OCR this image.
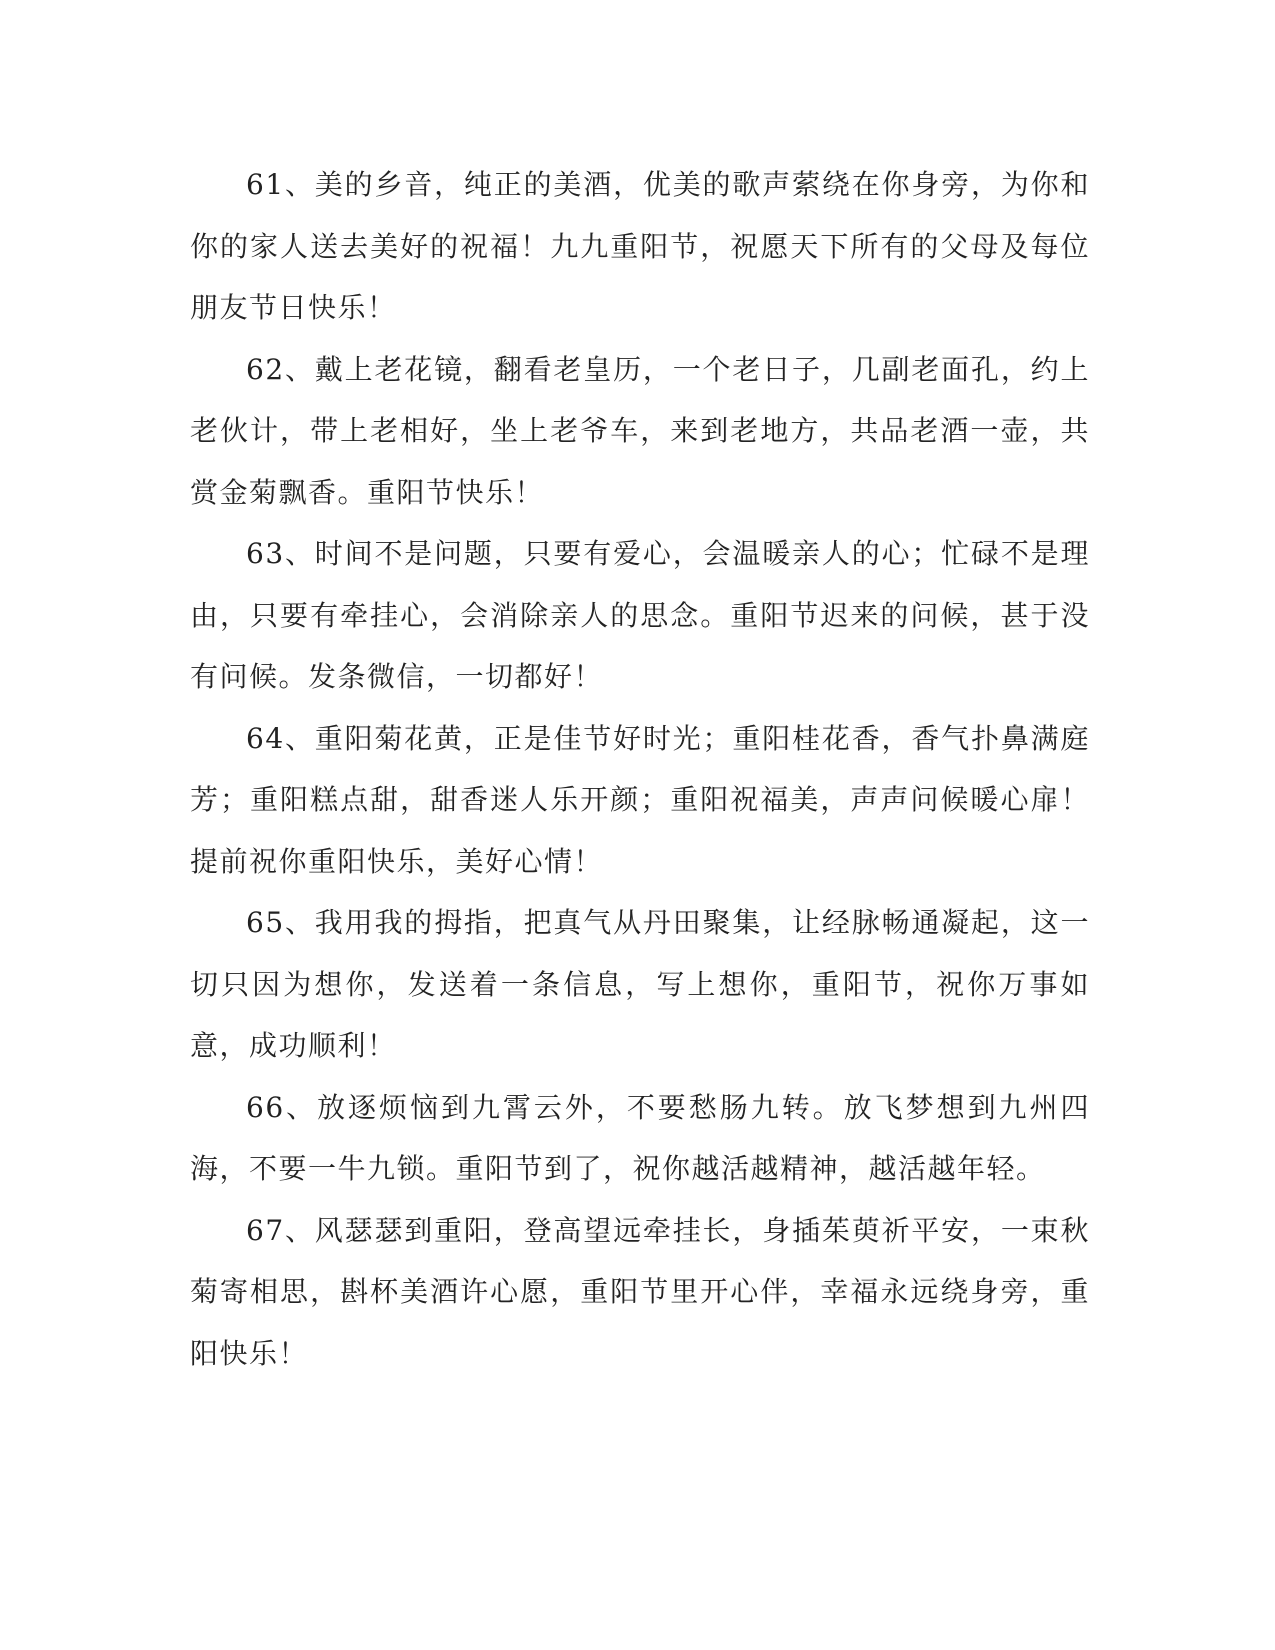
61、美的乡音，纯正的美酒，优美的歌声萦绕在你身旁，为你和你的家人送去美好的祝福！九九重阳节，祝愿天下所有的父母及每位朋友节日快乐！

62、戴上老花镜，翻看老皇历，一个老日子，几副老面孔，约上老伙计，带上老相好，坐上老爷车，来到老地方，共品老酒一壶，共赏金菊飘香。重阳节快乐！

63、时间不是问题，只要有爱心，会温暖亲人的心；忙碌不是理由，只要有牵挂心，会消除亲人的思念。重阳节迟来的问候，甚于没有问候。发条微信，一切都好！

64、重阳菊花黄，正是佳节好时光；重阳桂花香，香气扑鼻满庭芳；重阳糕点甜，甜香迷人乐开颜；重阳祝福美，声声问候暖心扉！提前祝你重阳快乐，美好心情！

65、我用我的拇指，把真气从丹田聚集，让经脉畅通凝起，这一切只因为想你，发送着一条信息，写上想你，重阳节，祝你万事如意，成功顺利！

66、放逐烦恼到九霄云外，不要愁肠九转。放飞梦想到九州四海，不要一牛九锁。重阳节到了，祝你越活越精神，越活越年轻。

67、风瑟瑟到重阳，登高望远牵挂长，身插茱萸祈平安，一束秋菊寄相思，斟杯美酒许心愿，重阳节里开心伴，幸福永远绕身旁，重阳快乐！
